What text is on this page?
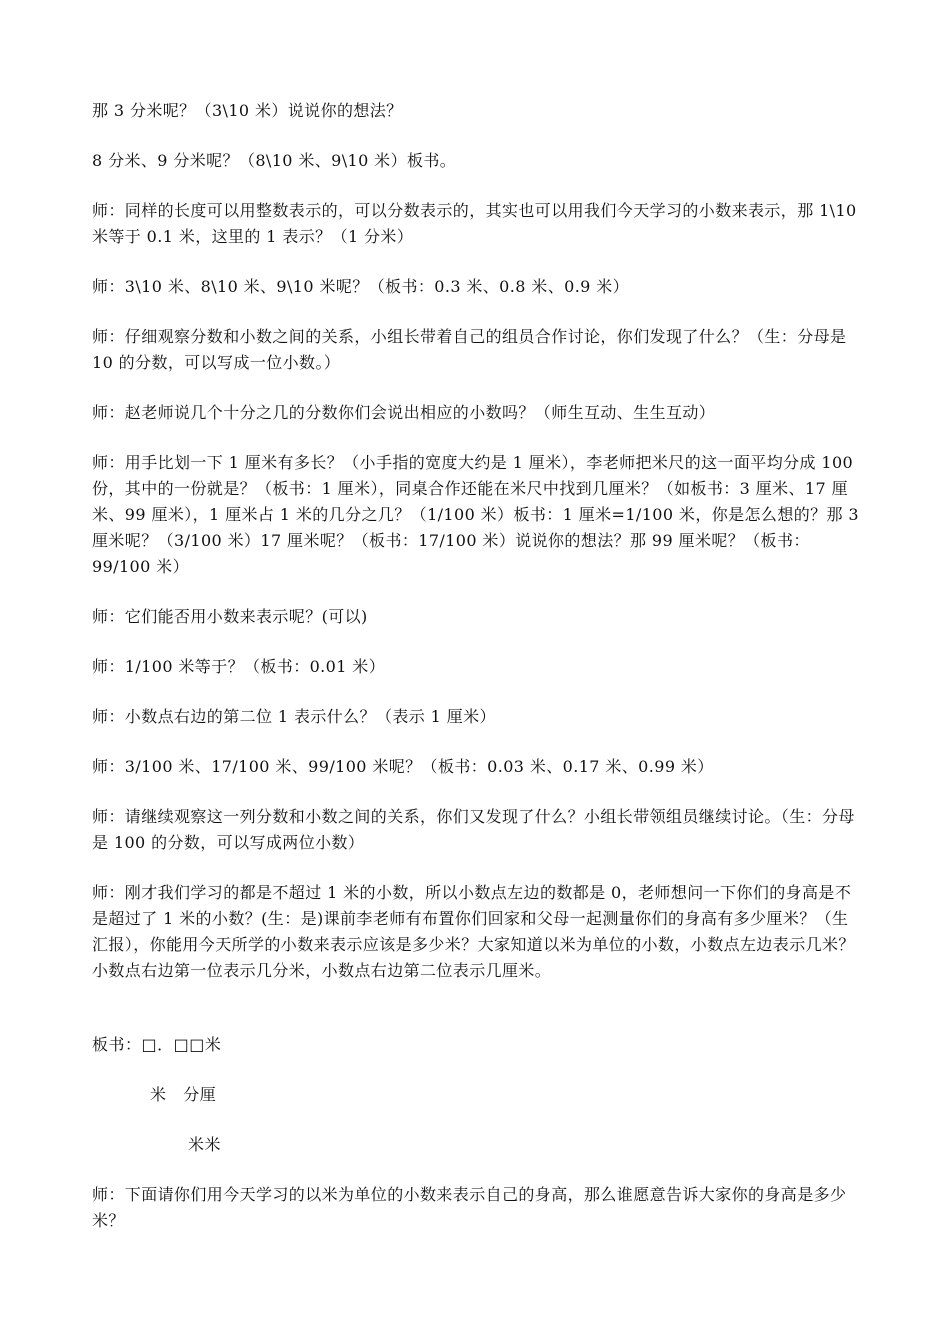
那 3 分米呢？（3\10 米）说说你的想法？

8 分米、9 分米呢？（8\10 米、9\10 米）板书。

师：同样的长度可以用整数表示的，可以分数表示的，其实也可以用我们今天学习的小数来表示，那 1\10 米等于 0.1 米，这里的 1 表示？（1 分米）

师：3\10 米、8\10 米、9\10 米呢？（板书：0.3 米、0.8 米、0.9 米）

师：仔细观察分数和小数之间的关系，小组长带着自己的组员合作讨论，你们发现了什么？（生：分母是 10 的分数，可以写成一位小数。）

师：赵老师说几个十分之几的分数你们会说出相应的小数吗？（师生互动、生生互动）

师：用手比划一下 1 厘米有多长？（小手指的宽度大约是 1 厘米），李老师把米尺的这一面平均分成 100 份，其中的一份就是？（板书：1 厘米），同桌合作还能在米尺中找到几厘米？（如板书：3 厘米、17 厘米、99 厘米），1 厘米占 1 米的几分之几？（1/100 米）板书：1 厘米=1/100 米，你是怎么想的？那 3 厘米呢？（3/100 米）17 厘米呢？（板书：17/100 米）说说你的想法？那 99 厘米呢？（板书：99/100 米）

师：它们能否用小数来表示呢？(可以)

师：1/100 米等于？（板书：0.01 米）

师：小数点右边的第二位 1 表示什么？（表示 1 厘米）

师：3/100 米、17/100 米、99/100 米呢？（板书：0.03 米、0.17 米、0.99 米）

师：请继续观察这一列分数和小数之间的关系，你们又发现了什么？小组长带领组员继续讨论。（生：分母是 100 的分数，可以写成两位小数）

师：刚才我们学习的都是不超过 1 米的小数，所以小数点左边的数都是 0，老师想问一下你们的身高是不是超过了 1 米的小数？(生：是)课前李老师有布置你们回家和父母一起测量你们的身高有多少厘米？（生汇报），你能用今天所学的小数来表示应该是多少米？大家知道以米为单位的小数，小数点左边表示几米？小数点右边第一位表示几分米，小数点右边第二位表示几厘米。

板书：□．□□米
米   分厘
米米

师：下面请你们用今天学习的以米为单位的小数来表示自己的身高，那么谁愿意告诉大家你的身高是多少米？
